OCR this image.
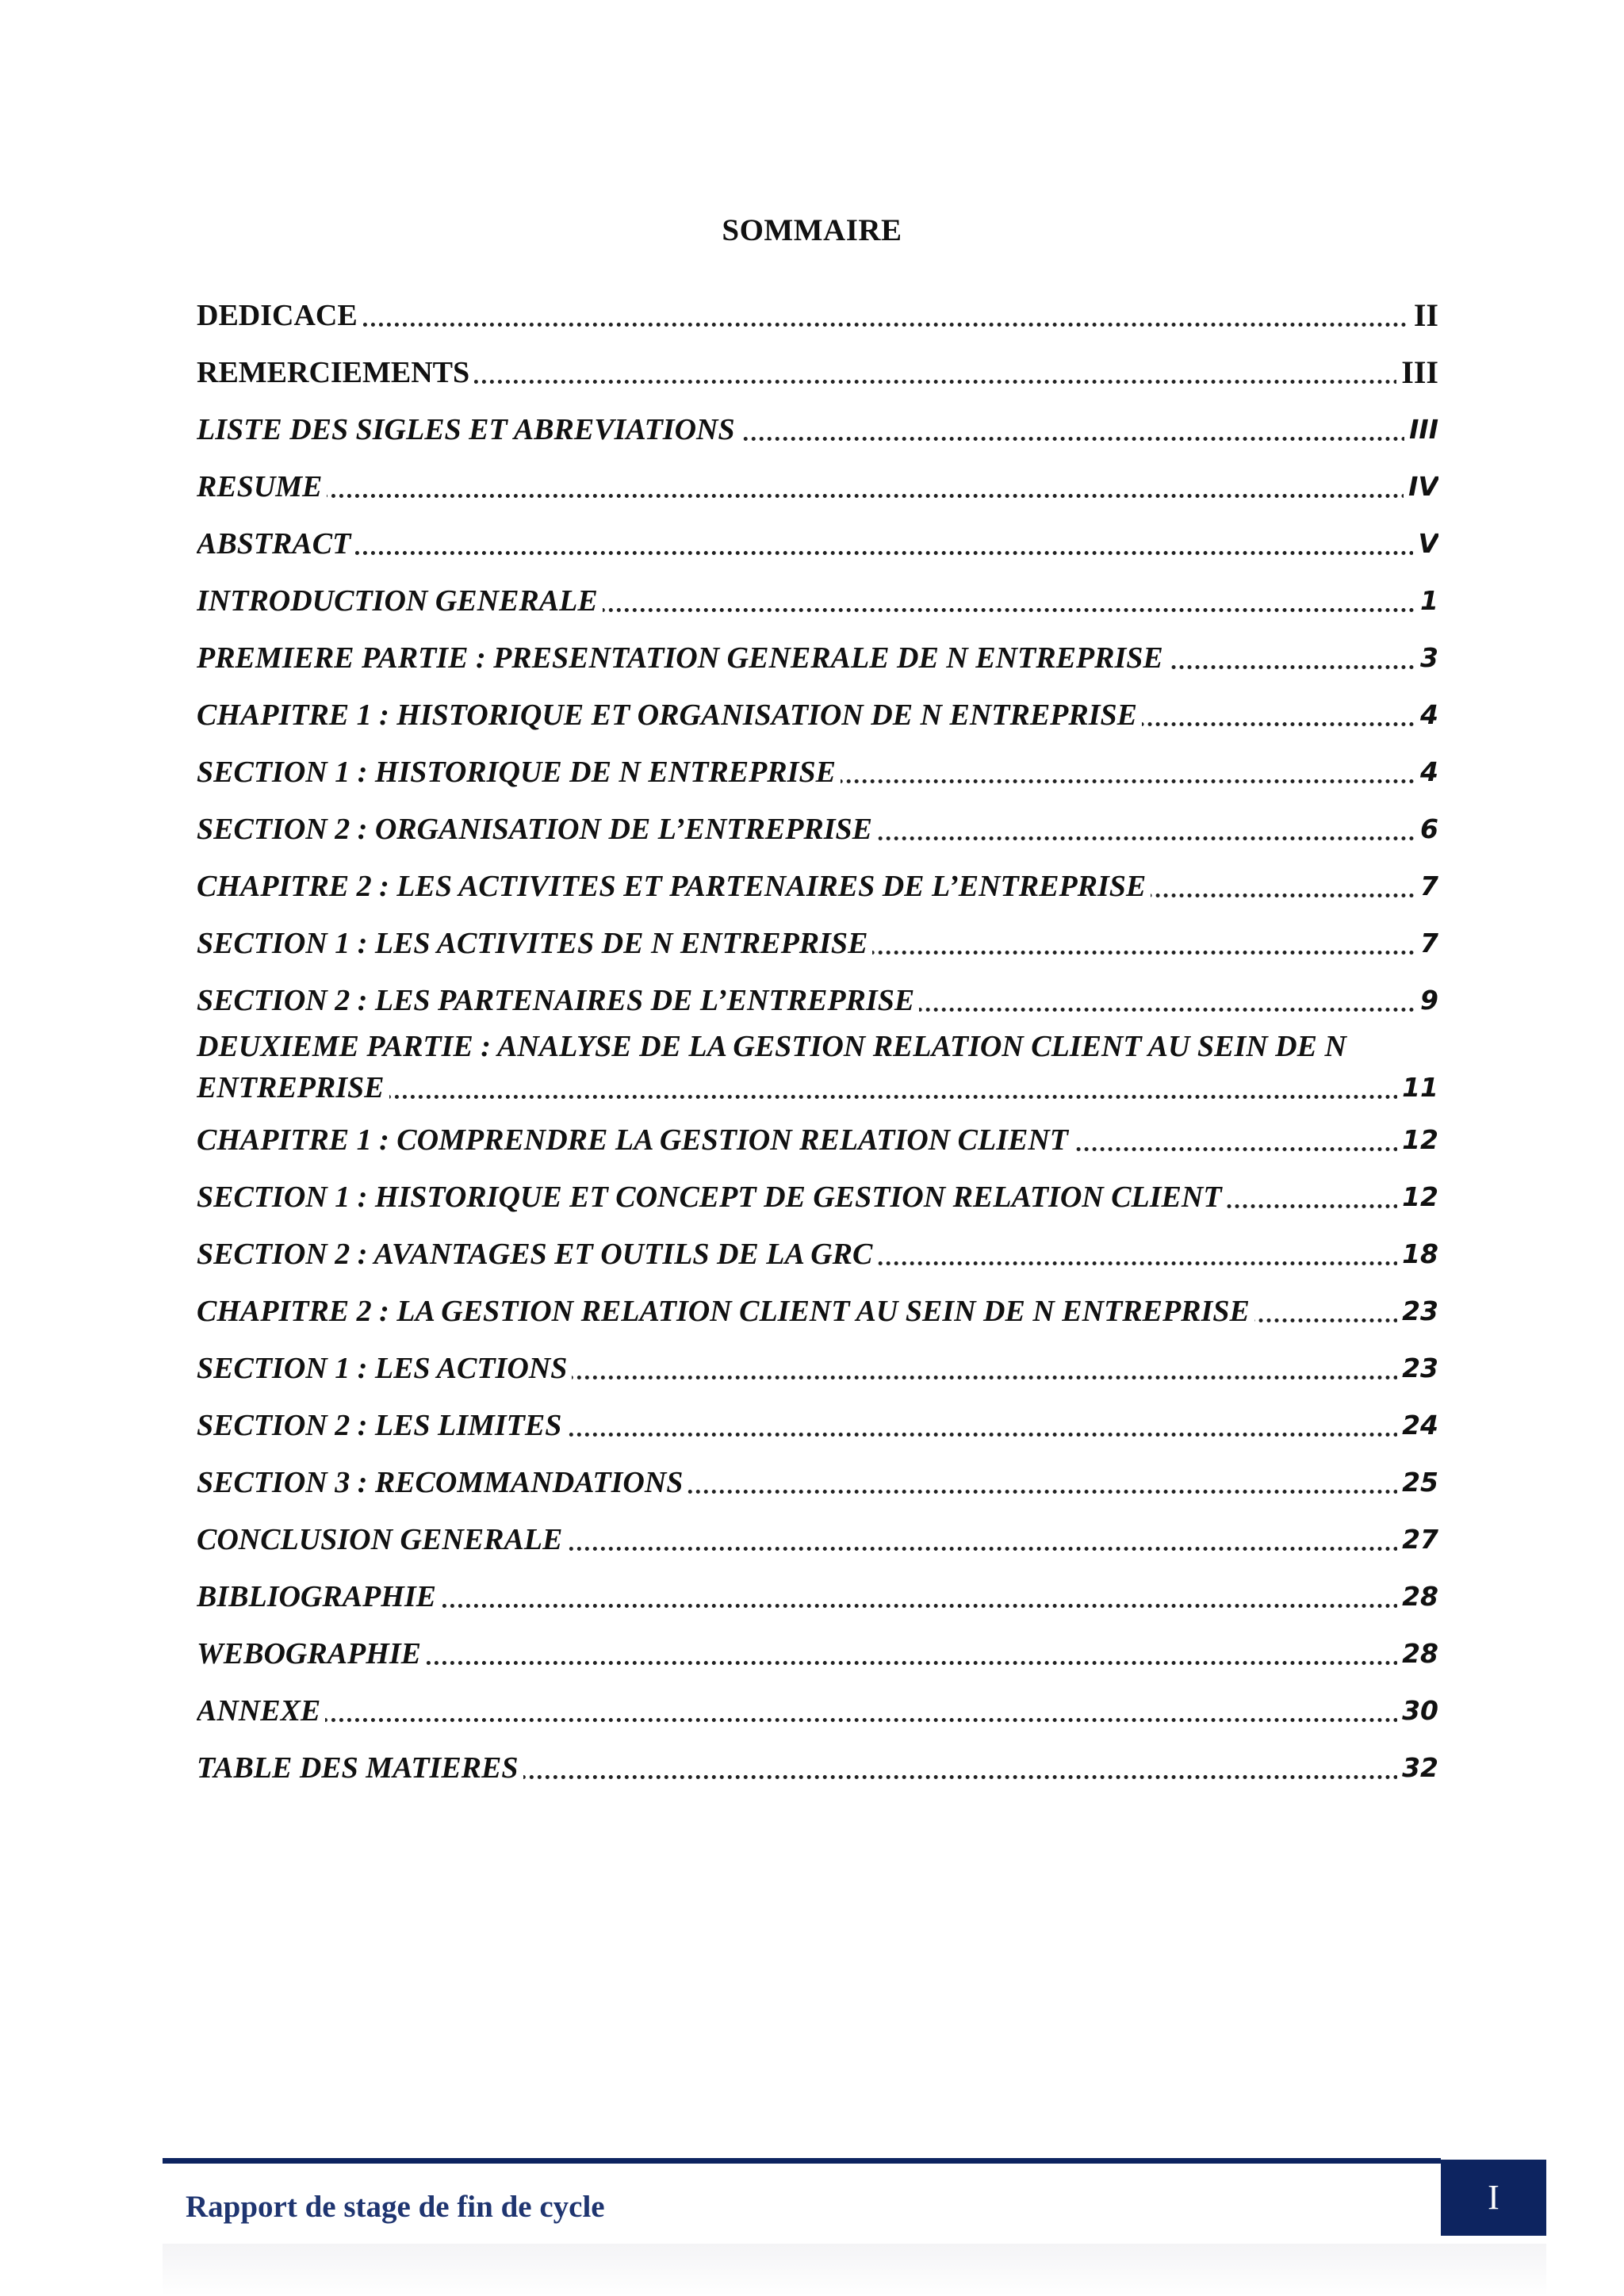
SOMMAIRE
DEDICACE	II
REMERCIEMENTS	III
LISTE DES SIGLES ET ABREVIATIONS	III
RESUME	IV
ABSTRACT	V
INTRODUCTION GENERALE	1
PREMIERE PARTIE : PRESENTATION GENERALE DE N ENTREPRISE	3
CHAPITRE 1 : HISTORIQUE ET ORGANISATION DE N ENTREPRISE	4
SECTION 1 : HISTORIQUE DE N ENTREPRISE	4
SECTION 2 : ORGANISATION DE L’ENTREPRISE	6
CHAPITRE 2 : LES ACTIVITES ET PARTENAIRES DE L’ENTREPRISE	7
SECTION 1 : LES ACTIVITES DE N ENTREPRISE	7
SECTION 2 : LES PARTENAIRES DE L’ENTREPRISE	9
DEUXIEME PARTIE : ANALYSE DE LA GESTION RELATION CLIENT AU SEIN DE N
ENTREPRISE	11
CHAPITRE 1 : COMPRENDRE LA GESTION RELATION CLIENT	12
SECTION 1 : HISTORIQUE ET CONCEPT DE GESTION RELATION CLIENT	12
SECTION 2 : AVANTAGES ET OUTILS DE LA GRC	18
CHAPITRE 2 : LA GESTION RELATION CLIENT AU SEIN DE N ENTREPRISE	23
SECTION 1 : LES ACTIONS	23
SECTION 2 : LES LIMITES	24
SECTION 3 : RECOMMANDATIONS	25
CONCLUSION GENERALE	27
BIBLIOGRAPHIE	28
WEBOGRAPHIE	28
ANNEXE	30
TABLE DES MATIERES	32
Rapport de stage de fin de cycle	I
